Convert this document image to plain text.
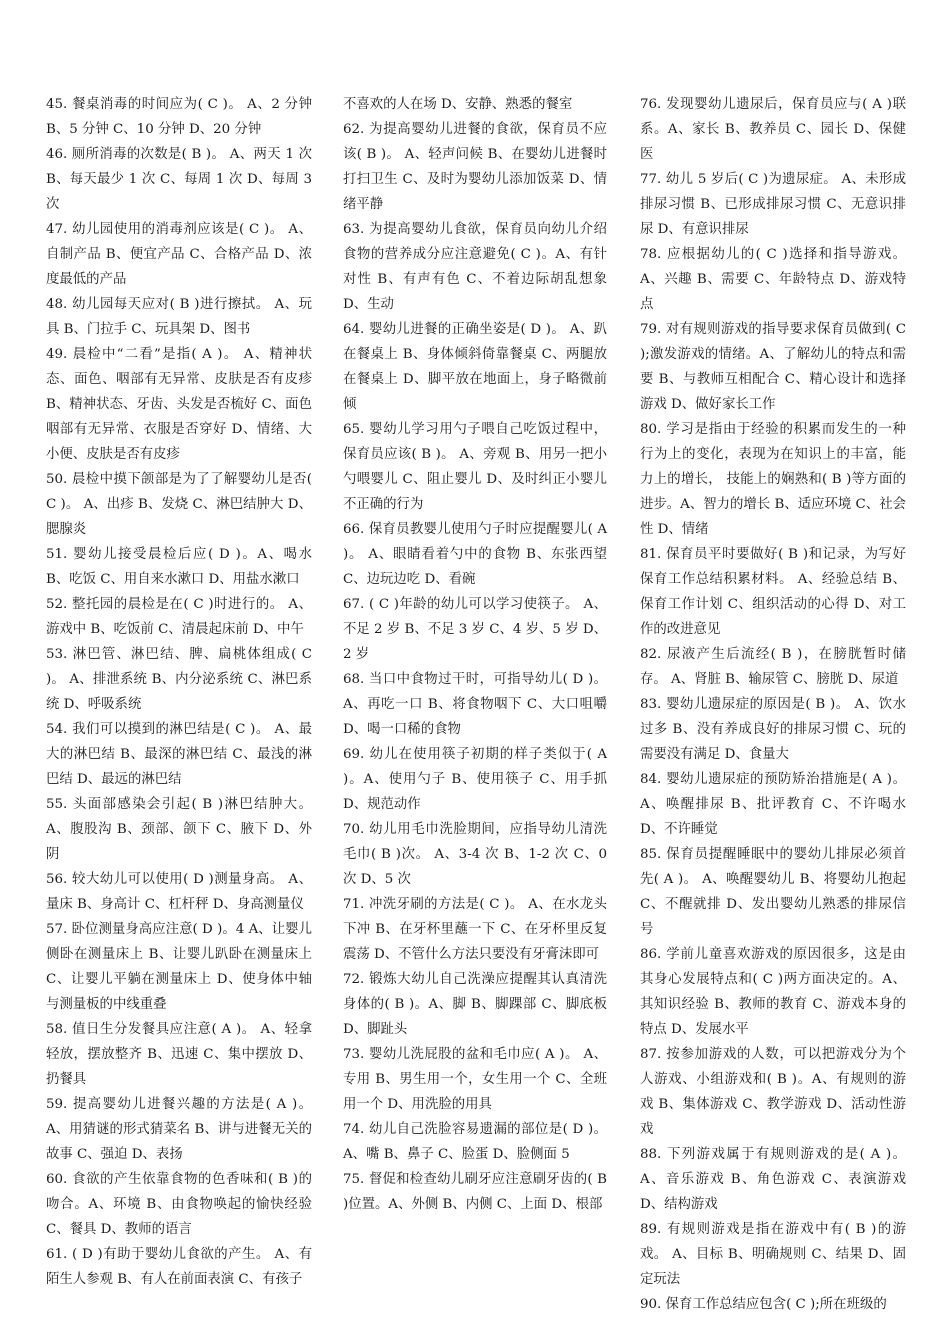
45. 餐桌消毒的时间应为( C )。 A、2 分钟 B、5 分钟 C、10 分钟 D、20 分钟

46. 厕所消毒的次数是( B )。 A、两天 1 次 B、每天最少 1 次 C、每周 1 次 D、每周 3 次

47. 幼儿园使用的消毒剂应该是( C )。 A、自制产品 B、便宜产品 C、合格产品 D、浓度最低的产品

48. 幼儿园每天应对( B )进行擦拭。 A、玩具 B、门拉手 C、玩具架 D、图书

49. 晨检中“二看”是指( A )。 A、精神状态、面色、咽部有无异常、皮肤是否有皮疹 B、精神状态、牙齿、头发是否梳好 C、面色咽部有无异常、衣服是否穿好 D、情绪、大小便、皮肤是否有皮疹

50. 晨检中摸下颌部是为了了解婴幼儿是否( C )。 A、出疹 B、发烧 C、淋巴结肿大 D、腮腺炎

51. 婴幼儿接受晨检后应( D )。A、喝水 B、吃饭 C、用自来水漱口 D、用盐水漱口

52. 整托园的晨检是在( C )时进行的。 A、游戏中 B、吃饭前 C、清晨起床前 D、中午

53. 淋巴管、淋巴结、脾、扁桃体组成( C )。 A、排泄系统 B、内分泌系统 C、淋巴系统 D、呼吸系统

54. 我们可以摸到的淋巴结是( C )。 A、最大的淋巴结 B、最深的淋巴结 C、最浅的淋巴结 D、最远的淋巴结

55. 头面部感染会引起( B )淋巴结肿大。 A、腹股沟 B、颈部、颌下 C、腋下 D、外阴

56. 较大幼儿可以使用( D )测量身高。 A、量床 B、身高计 C、杠杆秤 D、身高测量仪

57. 卧位测量身高应注意( D )。4 A、让婴儿侧卧在测量床上 B、让婴儿趴卧在测量床上 C、让婴儿平躺在测量床上 D、使身体中轴与测量板的中线重叠

58. 值日生分发餐具应注意( A )。 A、轻拿轻放，摆放整齐 B、迅速 C、集中摆放 D、扔餐具

59. 提高婴幼儿进餐兴趣的方法是( A )。 A、用猜谜的形式猜菜名 B、讲与进餐无关的故事 C、强迫 D、表扬

60. 食欲的产生依靠食物的色香味和( B )的吻合。A、环境 B、由食物唤起的愉快经验 C、餐具 D、教师的语言

61. ( D )有助于婴幼儿食欲的产生。 A、有陌生人参观 B、有人在前面表演 C、有孩子

不喜欢的人在场 D、安静、熟悉的餐室

62. 为提高婴幼儿进餐的食欲，保育员不应该( B )。 A、轻声问候 B、在婴幼儿进餐时打扫卫生 C、及时为婴幼儿添加饭菜 D、情绪平静

63. 为提高婴幼儿食欲，保育员向幼儿介绍食物的营养成分应注意避免( C )。A、有针对性 B、有声有色 C、不着边际胡乱想象 D、生动

64. 婴幼儿进餐的正确坐姿是( D )。 A、趴在餐桌上 B、身体倾斜倚靠餐桌 C、两腿放在餐桌上 D、脚平放在地面上，身子略微前倾

65. 婴幼儿学习用勺子喂自己吃饭过程中，保育员应该( B )。 A、旁观 B、用另一把小勺喂婴儿 C、阻止婴儿 D、及时纠正小婴儿不正确的行为

66. 保育员教婴儿使用勺子时应提醒婴儿( A )。 A、眼睛看着勺中的食物 B、东张西望 C、边玩边吃 D、看碗

67. ( C )年龄的幼儿可以学习使筷子。 A、不足 2 岁 B、不足 3 岁 C、4 岁、5 岁 D、2 岁

68. 当口中食物过干时，可指导幼儿( D )。 A、再吃一口 B、将食物咽下 C、大口咀嚼 D、喝一口稀的食物

69. 幼儿在使用筷子初期的样子类似于( A )。A、使用勺子 B、使用筷子 C、用手抓 D、规范动作

70. 幼儿用毛巾洗脸期间，应指导幼儿清洗毛巾( B )次。 A、3-4 次 B、1-2 次 C、0 次 D、5 次

71. 冲洗牙刷的方法是( C )。 A、在水龙头下冲 B、在牙杯里蘸一下 C、在牙杯里反复震荡 D、不管什么方法只要没有牙膏沫即可

72. 锻炼大幼儿自己洗澡应提醒其认真清洗身体的( B )。A、脚 B、脚踝部 C、脚底板 D、脚趾头

73. 婴幼儿洗屁股的盆和毛巾应( A )。 A、专用 B、男生用一个，女生用一个 C、全班用一个 D、用洗脸的用具

74. 幼儿自己洗脸容易遗漏的部位是( D )。 A、嘴 B、鼻子 C、脸蛋 D、脸侧面 5

75. 督促和检查幼儿刷牙应注意刷牙齿的( B )位置。A、外侧 B、内侧 C、上面 D、根部

76. 发现婴幼儿遗尿后，保育员应与( A )联系。A、家长 B、教养员 C、园长 D、保健医

77. 幼儿 5 岁后( C )为遗尿症。 A、未形成排尿习惯 B、已形成排尿习惯 C、无意识排尿 D、有意识排尿

78. 应根据幼儿的( C )选择和指导游戏。 A、兴趣 B、需要 C、年龄特点 D、游戏特点

79. 对有规则游戏的指导要求保育员做到( C );激发游戏的情绪。A、了解幼儿的特点和需要 B、与教师互相配合 C、精心设计和选择游戏 D、做好家长工作

80. 学习是指由于经验的积累而发生的一种行为上的变化，表现为在知识上的丰富，能力上的增长， 技能上的娴熟和( B )等方面的进步。A、智力的增长 B、适应环境 C、社会性 D、情绪

81. 保育员平时要做好( B )和记录，为写好保育工作总结积累材料。 A、经验总结 B、保育工作计划 C、组织活动的心得 D、对工作的改进意见

82. 尿液产生后流经( B )，在膀胱暂时储存。 A、肾脏 B、输尿管 C、膀胱 D、尿道

83. 婴幼儿遗尿症的原因是( B )。 A、饮水过多 B、没有养成良好的排尿习惯 C、玩的需要没有满足 D、食量大

84. 婴幼儿遗尿症的预防矫治措施是( A )。 A、唤醒排尿 B、批评教育 C、不许喝水 D、不许睡觉

85. 保育员提醒睡眠中的婴幼儿排尿必须首先( A )。 A、唤醒婴幼儿 B、将婴幼儿抱起 C、不醒就排 D、发出婴幼儿熟悉的排尿信号

86. 学前儿童喜欢游戏的原因很多，这是由其身心发展特点和( C )两方面决定的。A、其知识经验 B、教师的教育 C、游戏本身的特点 D、发展水平

87. 按参加游戏的人数，可以把游戏分为个人游戏、小组游戏和( B )。A、有规则的游戏 B、集体游戏 C、教学游戏 D、活动性游戏

88. 下列游戏属于有规则游戏的是( A )。 A、音乐游戏 B、角色游戏 C、表演游戏 D、结构游戏

89. 有规则游戏是指在游戏中有( B )的游戏。 A、目标 B、明确规则 C、结果 D、固定玩法

90. 保育工作总结应包含( C );所在班级的
